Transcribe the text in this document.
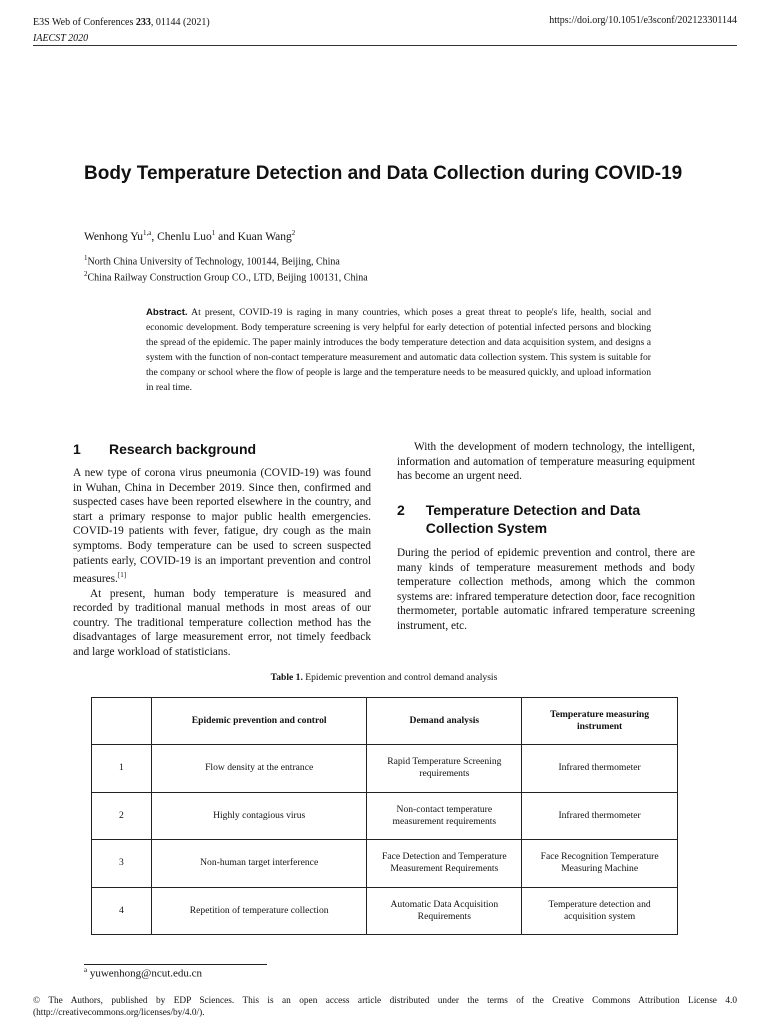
E3S Web of Conferences 233, 01144 (2021)
IAECST 2020
https://doi.org/10.1051/e3sconf/202123301144
Body Temperature Detection and Data Collection during COVID-19
Wenhong Yu$^{1,a}$, Chenlu Luo$^1$ and Kuan Wang$^2$
$^1$North China University of Technology, 100144, Beijing, China
$^2$China Railway Construction Group CO., LTD, Beijing 100131, China
Abstract. At present, COVID-19 is raging in many countries, which poses a great threat to people's life, health, social and economic development. Body temperature screening is very helpful for early detection of potential infected persons and blocking the spread of the epidemic. The paper mainly introduces the body temperature detection and data acquisition system, and designs a system with the function of non-contact temperature measurement and automatic data collection system. This system is suitable for the company or school where the flow of people is large and the temperature needs to be measured quickly, and upload information in real time.
1 Research background

A new type of corona virus pneumonia (COVID-19) was found in Wuhan, China in December 2019. Since then, confirmed and suspected cases have been reported elsewhere in the country, and start a primary response to major public health emergencies. COVID-19 patients with fever, fatigue, dry cough as the main symptoms. Body temperature can be used to screen suspected patients early, COVID-19 is an important prevention and control measures.[1]

At present, human body temperature is measured and recorded by traditional manual methods in most areas of our country. The traditional temperature collection method has the disadvantages of large measurement error, not timely feedback and large workload of statisticians.

With the development of modern technology, the intelligent, information and automation of temperature measuring equipment has become an urgent need.

2	Temperature Detection and Data Collection System

During the period of epidemic prevention and control, there are many kinds of temperature measurement methods and body temperature collection methods, among which the common systems are: infrared temperature detection door, face recognition thermometer, portable automatic infrared temperature screening instrument, etc.

Table 1. Epidemic prevention and control demand analysis
	Epidemic prevention and control	Demand analysis	Temperature measuring instrument
1	Flow density at the entrance	Rapid Temperature Screening requirements	Infrared thermometer
2	Highly contagious virus	Non-contact temperature measurement requirements	Infrared thermometer
3	Non-human target interference	Face Detection and Temperature Measurement Requirements	Face Recognition Temperature Measuring Machine
4	Repetition of temperature collection	Automatic Data Acquisition Requirements	Temperature detection and acquisition system
$^a$ yuwenhong@ncut.edu.cn
© The Authors, published by EDP Sciences. This is an open access article distributed under the terms of the Creative Commons Attribution License 4.0 (http://creativecommons.org/licenses/by/4.0/).
